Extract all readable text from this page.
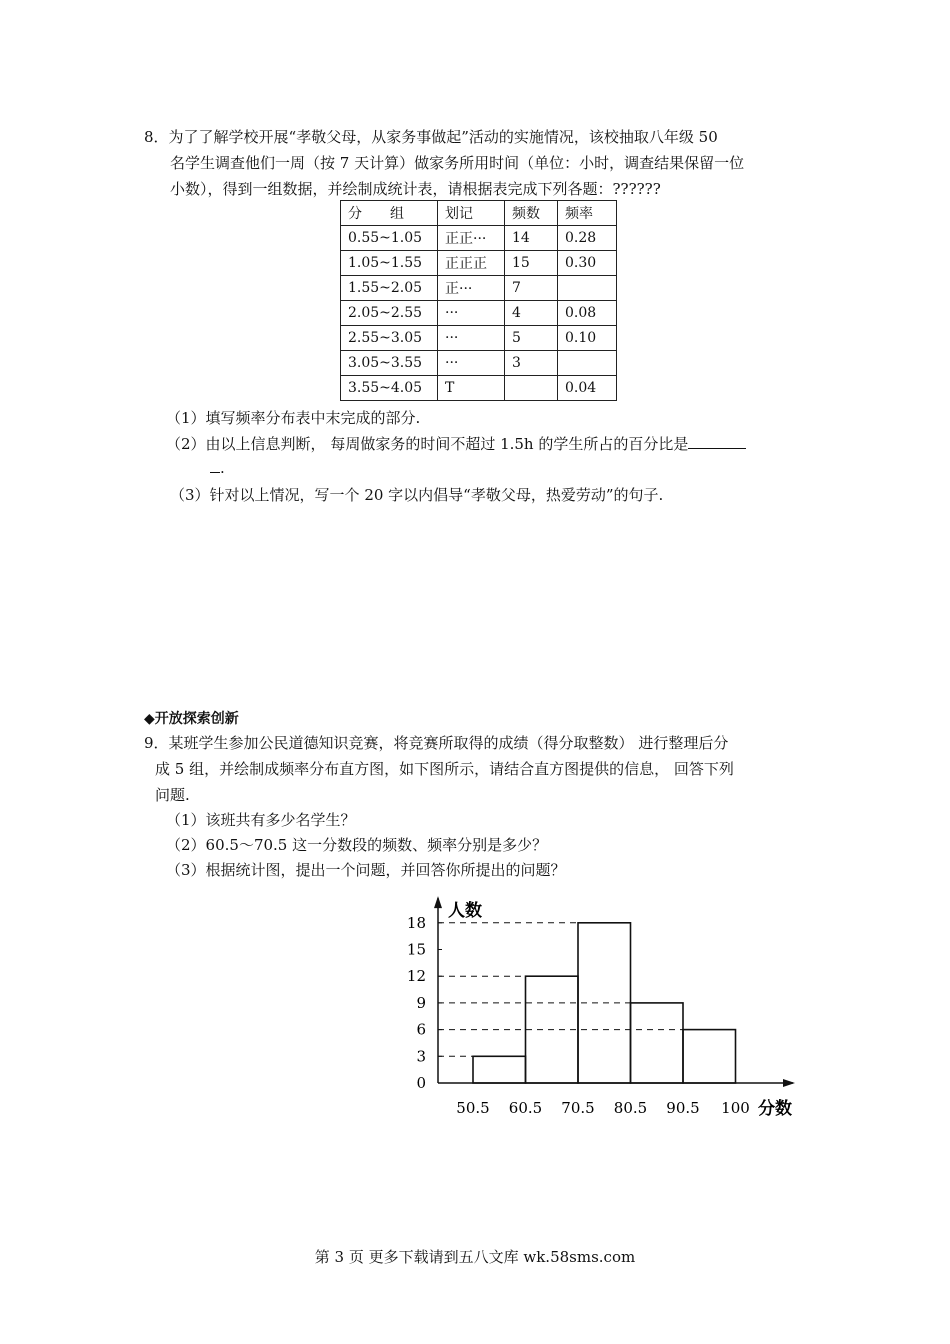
8．为了了解学校开展“孝敬父母，从家务事做起”活动的实施情况，该校抽取八年级 50
名学生调查他们一周（按 7 天计算）做家务所用时间（单位：小时，调查结果保留一位
小数），得到一组数据，并绘制成统计表，请根据表完成下列各题：??????
分　　组	划记	频数	频率
0.55~1.05	正正···	14	0.28
1.05~1.55	正正正	15	0.30
1.55~2.05	正···	7	
2.05~2.55	···	4	0.08
2.55~3.05	···	5	0.10
3.05~3.55	···	3	
3.55~4.05	T		0.04
（1）填写频率分布表中末完成的部分.
（2）由以上信息判断， 每周做家务的时间不超过 1.5h 的学生所占的百分比是
.
（3）针对以上情况，写一个 20 字以内倡导“孝敬父母，热爱劳动”的句子.
◆开放探索创新
9．某班学生参加公民道德知识竞赛，将竞赛所取得的成绩（得分取整数） 进行整理后分
成 5 组，并绘制成频率分布直方图，如下图所示，请结合直方图提供的信息， 回答下列
问题.
（1）该班共有多少名学生？
（2）60.5～70.5 这一分数段的频数、频率分别是多少？
（3）根据统计图，提出一个问题，并回答你所提出的问题？
人数
0
3
6
9
12
15
18
50.5 60.5 70.5 80.5 90.5 100 分数
第 3 页 更多下载请到五八文库 wk.58sms.com
